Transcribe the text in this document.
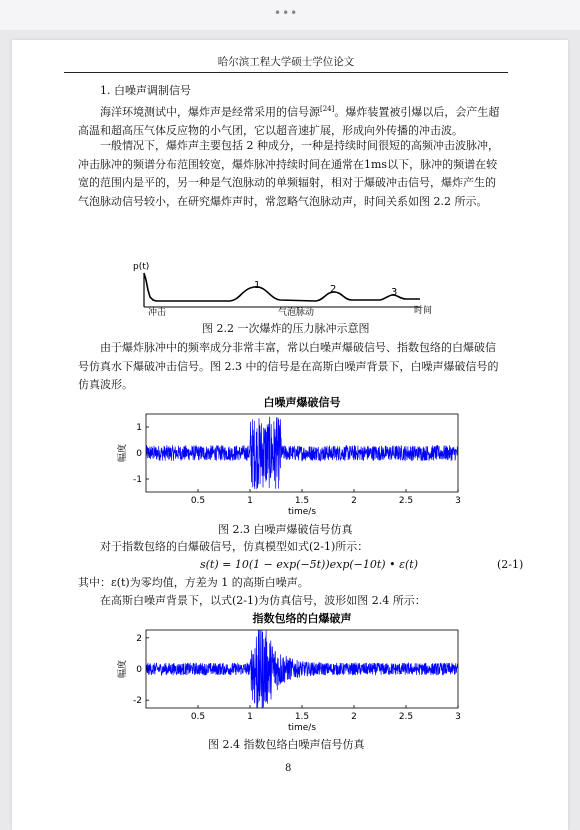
•••
哈尔滨工程大学硕士学位论文
1. 白噪声调制信号
海洋环境测试中，爆炸声是经常采用的信号源[24]。爆炸装置被引爆以后，会产生超
高温和超高压气体反应物的小气团，它以超音速扩展，形成向外传播的冲击波。
一般情况下，爆炸声主要包括 2 种成分，一种是持续时间很短的高频冲击波脉冲，
冲击脉冲的频谱分布范围较宽，爆炸脉冲持续时间在通常在1ms以下，脉冲的频谱在较
宽的范围内是平的，另一种是气泡脉动的单频辐射，相对于爆破冲击信号，爆炸产生的
气泡脉动信号较小，在研究爆炸声时，常忽略气泡脉动声，时间关系如图 2.2 所示。
p(t)
1	2	3
冲击	气泡脉动	时间
图 2.2 一次爆炸的压力脉冲示意图
由于爆炸脉冲中的频率成分非常丰富，常以白噪声爆破信号、指数包络的白爆破信
号仿真水下爆破冲击信号。图 2.3 中的信号是在高斯白噪声背景下，白噪声爆破信号的
仿真波形。
白噪声爆破信号
0.5	1	1.5	2	2.5	3
1
0
-1
time/s
幅度
图 2.3 白噪声爆破信号仿真
对于指数包络的白爆破信号，仿真模型如式(2-1)所示：
s(t) = 10(1 − exp(−5t))exp(−10t) • ε(t)	(2-1)
其中：ε(t)为零均值，方差为 1 的高斯白噪声。
在高斯白噪声背景下，以式(2-1)为仿真信号，波形如图 2.4 所示：
指数包络的白爆破声
0.5	1	1.5	2	2.5	3
2
0
-2
time/s
幅度
图 2.4 指数包络白噪声信号仿真
8
